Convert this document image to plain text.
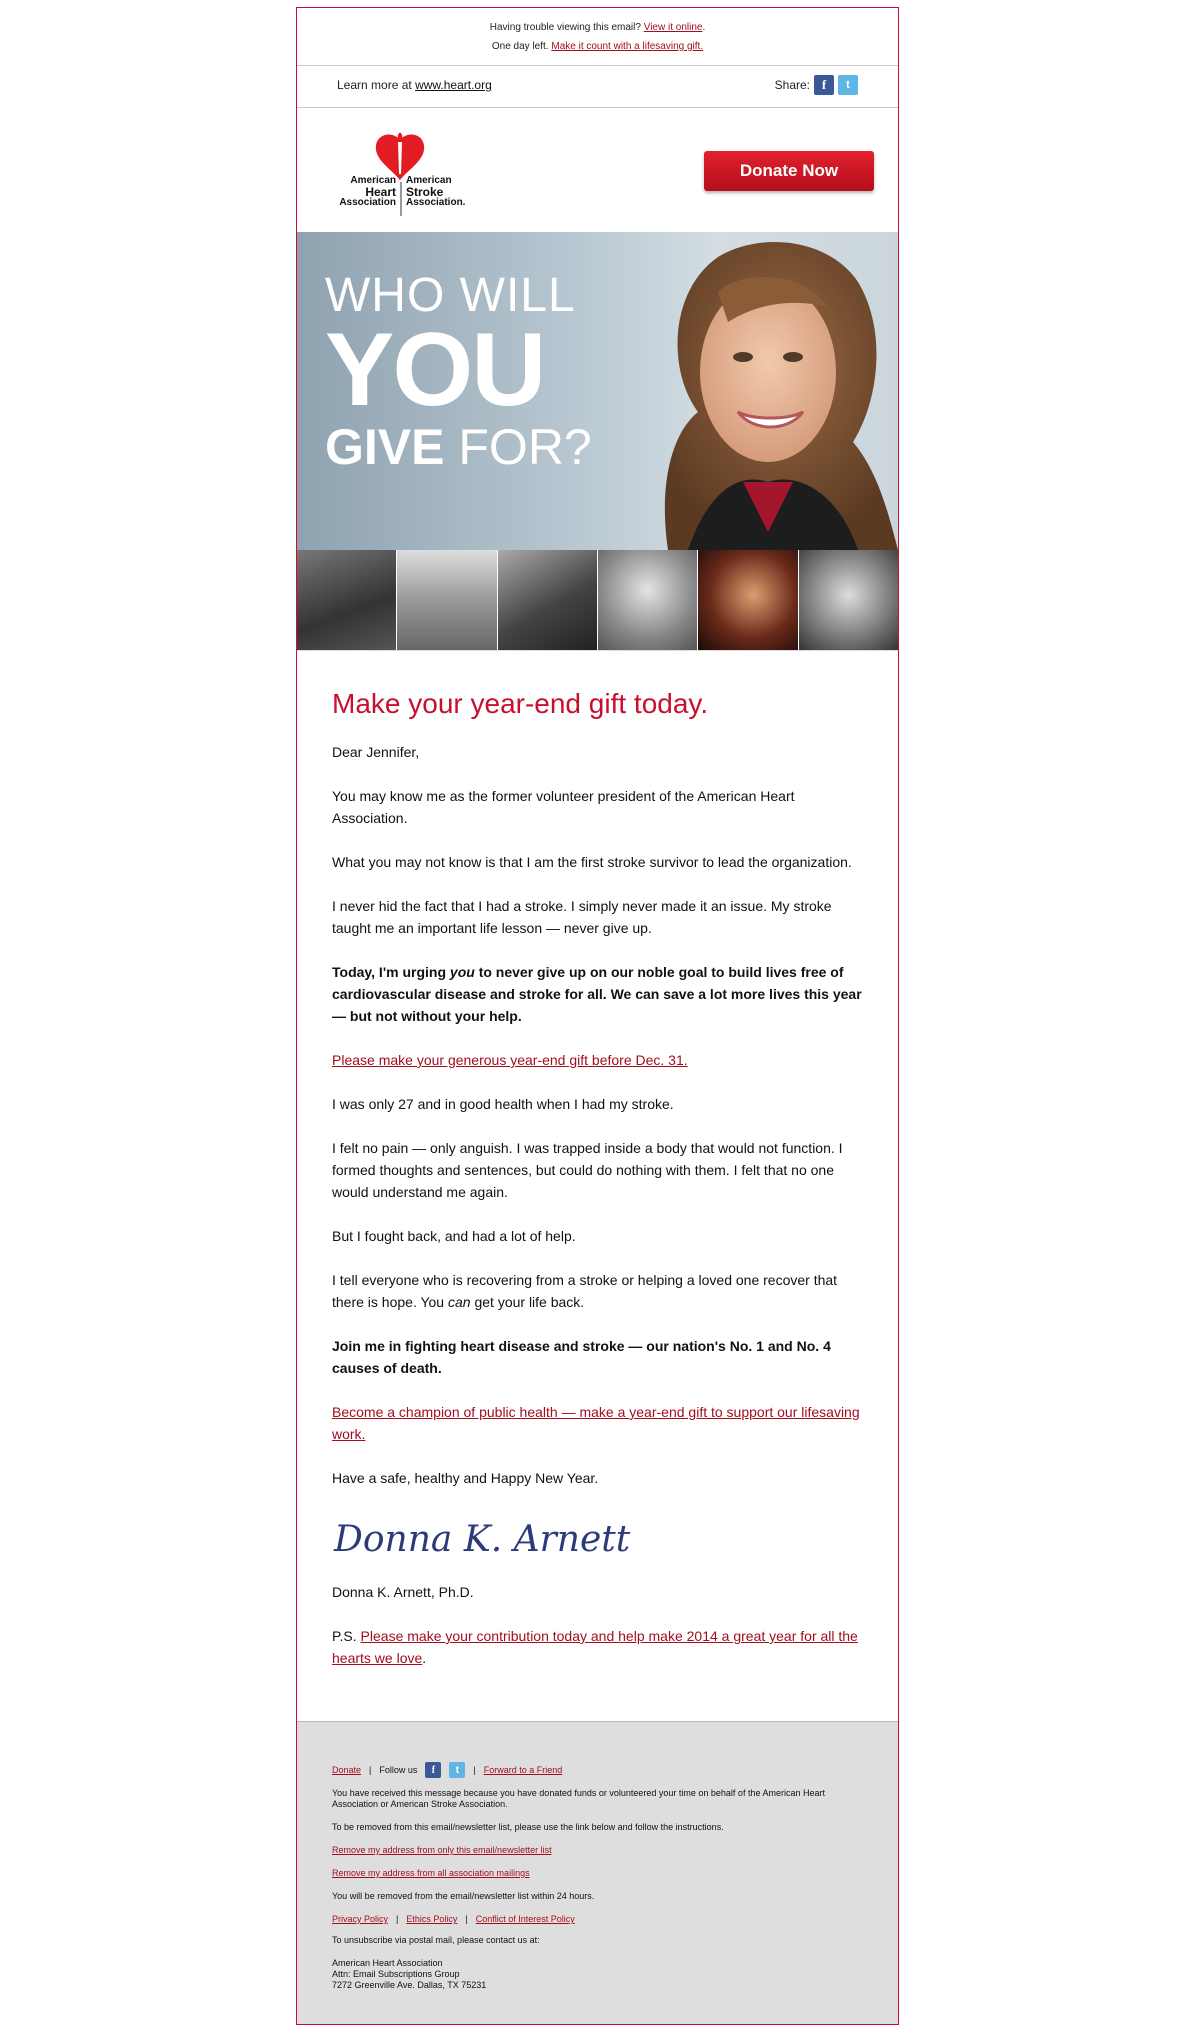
Having trouble viewing this email? View it online.
One day left. Make it count with a lifesaving gift.
Learn more at www.heart.org	Share: f	t
American
Heart
Association
American
Stroke
Association.
Donate Now
WHO WILL
YOU
GIVE FOR?
Make your year-end gift today.

Dear Jennifer,

You may know me as the former volunteer president of the American Heart Association.

What you may not know is that I am the first stroke survivor to lead the organization.

I never hid the fact that I had a stroke. I simply never made it an issue. My stroke taught me an important life lesson — never give up.

Today, I'm urging you to never give up on our noble goal to build lives free of cardiovascular disease and stroke for all. We can save a lot more lives this year — but not without your help.

Please make your generous year-end gift before Dec. 31.

I was only 27 and in good health when I had my stroke.

I felt no pain — only anguish. I was trapped inside a body that would not function. I formed thoughts and sentences, but could do nothing with them. I felt that no one would understand me again.

But I fought back, and had a lot of help.

I tell everyone who is recovering from a stroke or helping a loved one recover that there is hope. You can get your life back.

Join me in fighting heart disease and stroke — our nation's No. 1 and No. 4 causes of death.

Become a champion of public health — make a year-end gift to support our lifesaving work.

Have a safe, healthy and Happy New Year.

Donna K. Arnett

Donna K. Arnett, Ph.D.

P.S. Please make your contribution today and help make 2014 a great year for all the hearts we love.

Donate | Follow us	f	t	| Forward to a Friend

You have received this message because you have donated funds or volunteered your time on behalf of the American Heart Association or American Stroke Association.

To be removed from this email/newsletter list, please use the link below and follow the instructions.

Remove my address from only this email/newsletter list

Remove my address from all association mailings

You will be removed from the email/newsletter list within 24 hours.

Privacy Policy | Ethics Policy | Conflict of Interest Policy

To unsubscribe via postal mail, please contact us at:

American Heart Association
Attn: Email Subscriptions Group
7272 Greenville Ave. Dallas, TX 75231
